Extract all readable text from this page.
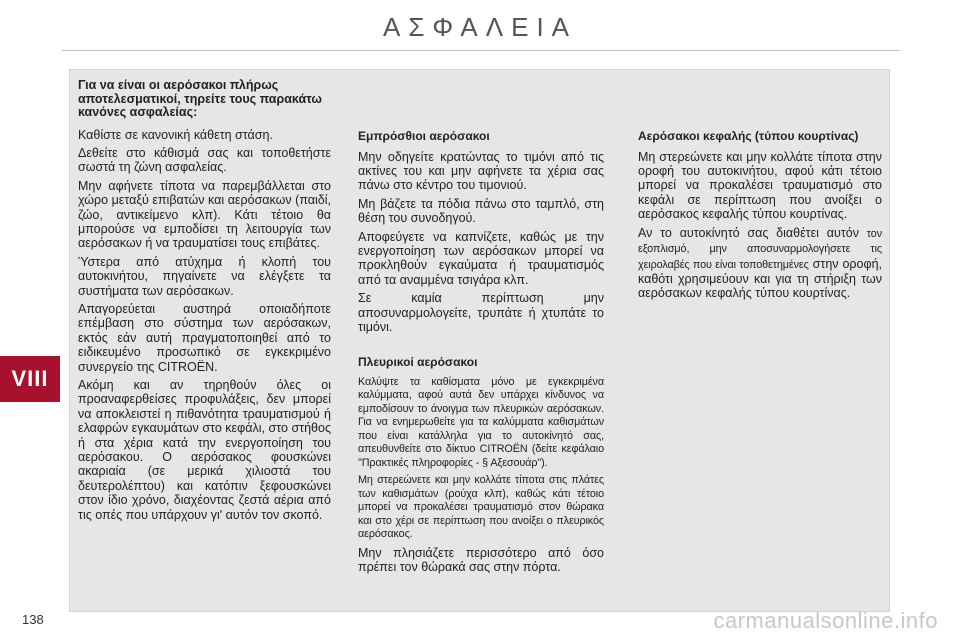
ΑΣΦΑΛΕΙΑ
VIII
138
Για να είναι οι αερόσακοι πλήρως αποτελεσματικοί, τηρείτε τους παρακάτω κανόνες ασφαλείας:

Καθίστε σε κανονική κάθετη στάση.

Δεθείτε στο κάθισμά σας και τοποθετήστε σωστά τη ζώνη ασφαλείας.

Μην αφήνετε τίποτα να παρεμβάλλεται στο χώρο μεταξύ επιβατών και αερόσακων (παιδί, ζώο, αντικείμενο κλπ). Κάτι τέτοιο θα μπορούσε να εμποδίσει τη λειτουργία των αερόσακων ή να τραυματίσει τους επιβάτες.

Ύστερα από ατύχημα ή κλοπή του αυτοκινήτου, πηγαίνετε να ελέγξετε τα συστήματα των αερόσακων.

Απαγορεύεται αυστηρά οποιαδήποτε επέμβαση στο σύστημα των αερόσακων, εκτός εάν αυτή πραγματοποιηθεί από το ειδικευμένο προσωπικό σε εγκεκριμένο συνεργείο της CITROËN.

Ακόμη και αν τηρηθούν όλες οι προαναφερθείσες προφυλάξεις, δεν μπορεί να αποκλειστεί η πιθανότητα τραυματισμού ή ελαφρών εγκαυμάτων στο κεφάλι, στο στήθος ή στα χέρια κατά την ενεργοποίηση του αερόσακου. Ο αερόσακος φουσκώνει ακαριαία (σε μερικά χιλιοστά του δευτερολέπτου) και κατόπιν ξεφουσκώνει στον ίδιο χρόνο, διαχέοντας ζεστά αέρια από τις οπές που υπάρχουν γι' αυτόν τον σκοπό.

Εμπρόσθιοι αερόσακοι

Μην οδηγείτε κρατώντας το τιμόνι από τις ακτίνες του και μην αφήνετε τα χέρια σας πάνω στο κέντρο του τιμονιού.

Μη βάζετε τα πόδια πάνω στο ταμπλό, στη θέση του συνοδηγού.

Αποφεύγετε να καπνίζετε, καθώς με την ενεργοποίηση των αερόσακων μπορεί να προκληθούν εγκαύματα ή τραυματισμός από τα αναμμένα τσιγάρα κλπ.

Σε καμία περίπτωση μην αποσυναρμολογείτε, τρυπάτε ή χτυπάτε το τιμόνι.

Πλευρικοί αερόσακοι

Καλύψτε τα καθίσματα μόνο με εγκεκριμένα καλύμματα, αφού αυτά δεν υπάρχει κίνδυνος να εμποδίσουν το άνοιγμα των πλευρικών αερόσακων. Για να ενημερωθείτε για τα καλύμματα καθισμάτων που είναι κατάλληλα για το αυτοκίνητό σας, απευθυνθείτε στο δίκτυο CITROËN (δείτε κεφάλαιο "Πρακτικές πληροφορίες - § Αξεσουάρ").

Μη στερεώνετε και μην κολλάτε τίποτα στις πλάτες των καθισμάτων (ρούχα κλπ), καθώς κάτι τέτοιο μπορεί να προκαλέσει τραυματισμό στον θώρακα και στο χέρι σε περίπτωση που ανοίξει ο πλευρικός αερόσακος.

Μην πλησιάζετε περισσότερο από όσο πρέπει τον θώρακά σας στην πόρτα.

Αερόσακοι κεφαλής (τύπου κουρτίνας)

Μη στερεώνετε και μην κολλάτε τίποτα στην οροφή του αυτοκινήτου, αφού κάτι τέτοιο μπορεί να προκαλέσει τραυματισμό στο κεφάλι σε περίπτωση που ανοίξει ο αερόσακος κεφαλής τύπου κουρτίνας.

Αν το αυτοκίνητό σας διαθέτει αυτόν τον εξοπλισμό, μην αποσυναρμολογήσετε τις χειρολαβές που είναι τοποθετημένες στην οροφή, καθότι χρησιμεύουν και για τη στήριξη των αερόσακων κεφαλής τύπου κουρτίνας.

carmanualsonline.info
